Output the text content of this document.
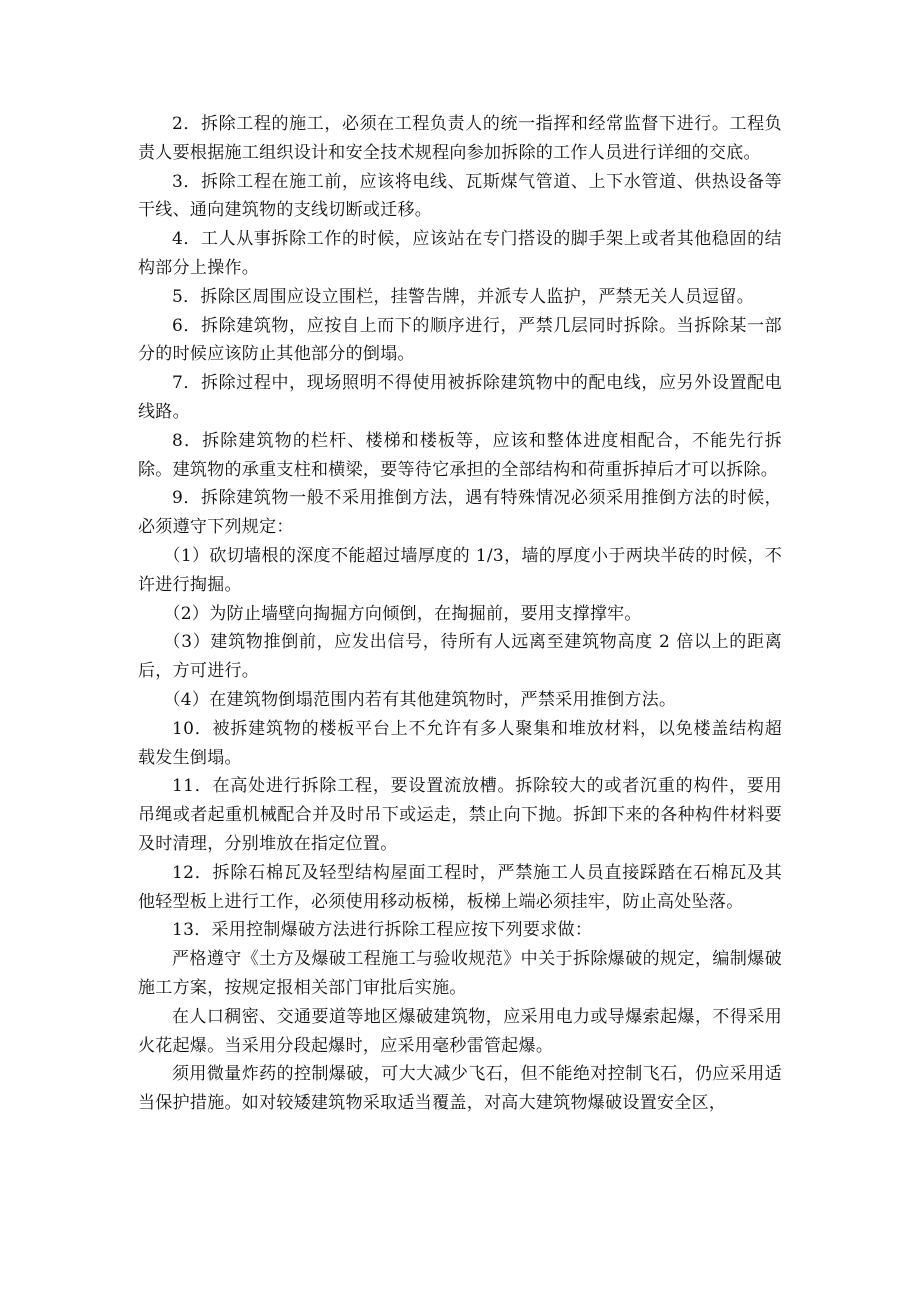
2．拆除工程的施工，必须在工程负责人的统一指挥和经常监督下进行。工程负责人要根据施工组织设计和安全技术规程向参加拆除的工作人员进行详细的交底。

3．拆除工程在施工前，应该将电线、瓦斯煤气管道、上下水管道、供热设备等干线、通向建筑物的支线切断或迁移。

4．工人从事拆除工作的时候，应该站在专门搭设的脚手架上或者其他稳固的结构部分上操作。

5．拆除区周围应设立围栏，挂警告牌，并派专人监护，严禁无关人员逗留。

6．拆除建筑物，应按自上而下的顺序进行，严禁几层同时拆除。当拆除某一部分的时候应该防止其他部分的倒塌。

7．拆除过程中，现场照明不得使用被拆除建筑物中的配电线，应另外设置配电线路。

8．拆除建筑物的栏杆、楼梯和楼板等，应该和整体进度相配合，不能先行拆除。建筑物的承重支柱和横梁，要等待它承担的全部结构和荷重拆掉后才可以拆除。

9．拆除建筑物一般不采用推倒方法，遇有特殊情况必须采用推倒方法的时候，必须遵守下列规定：

（1）砍切墙根的深度不能超过墙厚度的 1/3，墙的厚度小于两块半砖的时候，不许进行掏掘。

（2）为防止墙壁向掏掘方向倾倒，在掏掘前，要用支撑撑牢。

（3）建筑物推倒前，应发出信号，待所有人远离至建筑物高度 2 倍以上的距离后，方可进行。

（4）在建筑物倒塌范围内若有其他建筑物时，严禁采用推倒方法。

10．被拆建筑物的楼板平台上不允许有多人聚集和堆放材料，以免楼盖结构超载发生倒塌。

11．在高处进行拆除工程，要设置流放槽。拆除较大的或者沉重的构件，要用吊绳或者起重机械配合并及时吊下或运走，禁止向下抛。拆卸下来的各种构件材料要及时清理，分别堆放在指定位置。

12．拆除石棉瓦及轻型结构屋面工程时，严禁施工人员直接踩踏在石棉瓦及其他轻型板上进行工作，必须使用移动板梯，板梯上端必须挂牢，防止高处坠落。

13．采用控制爆破方法进行拆除工程应按下列要求做：

严格遵守《土方及爆破工程施工与验收规范》中关于拆除爆破的规定，编制爆破施工方案，按规定报相关部门审批后实施。

在人口稠密、交通要道等地区爆破建筑物，应采用电力或导爆索起爆，不得采用火花起爆。当采用分段起爆时，应采用毫秒雷管起爆。

须用微量炸药的控制爆破，可大大减少飞石，但不能绝对控制飞石，仍应采用适当保护措施。如对较矮建筑物采取适当覆盖，对高大建筑物爆破设置安全区，
